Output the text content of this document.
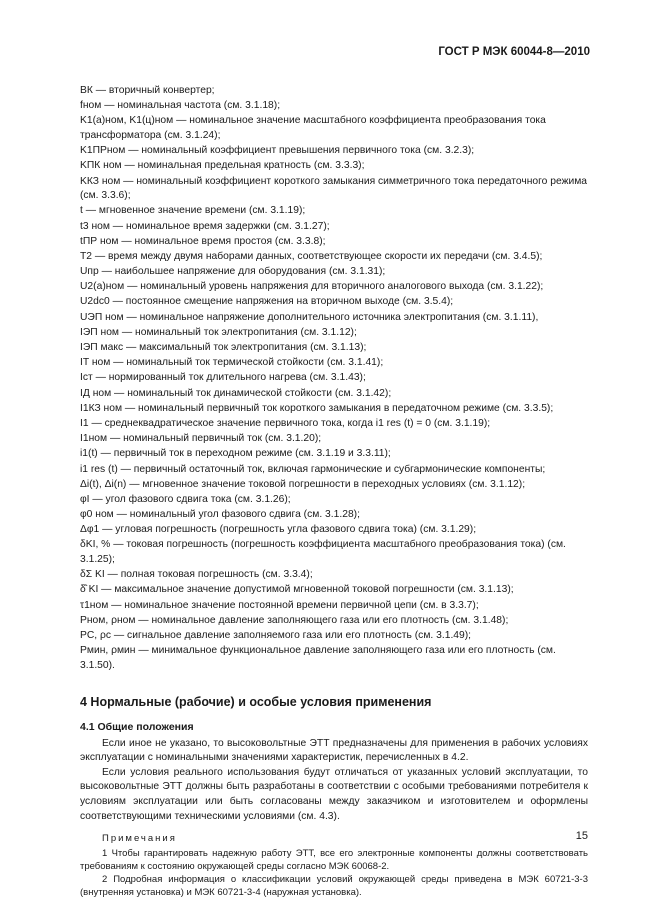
ГОСТ Р МЭК 60044-8—2010
ВК — вторичный конвертер;
fном — номинальная частота (см. 3.1.18);
K1(а)ном, K1(ц)ном — номинальное значение масштабного коэффициента преобразования тока трансформатора (см. 3.1.24);
K1ПРном — номинальный коэффициент превышения первичного тока (см. 3.2.3);
KПК ном — номинальная предельная кратность (см. 3.3.3);
KКЗ ном — номинальный коэффициент короткого замыкания симметричного тока передаточного режима (см. 3.3.6);
t — мгновенное значение времени (см. 3.1.19);
t3 ном — номинальное время задержки (см. 3.1.27);
tПР ном — номинальное время простоя (см. 3.3.8);
T2 — время между двумя наборами данных, соответствующее скорости их передачи (см. 3.4.5);
Uпр — наибольшее напряжение для оборудования (см. 3.1.31);
U2(а)ном — номинальный уровень напряжения для вторичного аналогового выхода (см. 3.1.22);
U2dc0 — постоянное смещение напряжения на вторичном выходе (см. 3.5.4);
UЭП ном — номинальное напряжение дополнительного источника электропитания (см. 3.1.11),
IЭП ном — номинальный ток электропитания (см. 3.1.12);
IЭП макс — максимальный ток электропитания (см. 3.1.13);
IT ном — номинальный ток термической стойкости (см. 3.1.41);
Icт — нормированный ток длительного нагрева (см. 3.1.43);
IД ном — номинальный ток динамической стойкости (см. 3.1.42);
I1КЗ ном — номинальный первичный ток короткого замыкания в передаточном режиме (см. 3.3.5);
I1 — среднеквадратическое значение первичного тока, когда i1 res (t) = 0 (см. 3.1.19);
I1ном — номинальный первичный ток (см. 3.1.20);
i1(t) — первичный ток в переходном режиме (см. 3.1.19 и 3.3.11);
i1 res (t) — первичный остаточный ток, включая гармонические и субгармонические компоненты;
Δi(t), Δi(n) — мгновенное значение токовой погрешности в переходных условиях (см. 3.1.12);
φI — угол фазового сдвига тока (см. 3.1.26);
φ0 ном — номинальный угол фазового сдвига (см. 3.1.28);
Δφ1 — угловая погрешность (погрешность угла фазового сдвига тока) (см. 3.1.29);
δKI, % — токовая погрешность (погрешность коэффициента масштабного преобразования тока) (см. 3.1.25);
δΣ KI — полная токовая погрешность (см. 3.3.4);
δ̂ KI — максимальное значение допустимой мгновенной токовой погрешности (см. 3.1.13);
τ1ном — номинальное значение постоянной времени первичной цепи (см. в 3.3.7);
Pном, ρном — номинальное давление заполняющего газа или его плотность (см. 3.1.48);
PC, ρc — сигнальное давление заполняемого газа или его плотность (см. 3.1.49);
Pмин, ρмин — минимальное функциональное давление заполняющего газа или его плотность (см. 3.1.50).
4 Нормальные (рабочие) и особые условия применения
4.1 Общие положения

Если иное не указано, то высоковольтные ЭТТ предназначены для применения в рабочих условиях эксплуатации с номинальными значениями характеристик, перечисленных в 4.2.

Если условия реального использования будут отличаться от указанных условий эксплуатации, то высоковольтные ЭТТ должны быть разработаны в соответствии с особыми требованиями потребителя к условиям эксплуатации или быть согласованы между заказчиком и изготовителем и оформлены соответствующими техническими условиями (см. 4.3).

Примечания

1 Чтобы гарантировать надежную работу ЭТТ, все его электронные компоненты должны соответствовать требованиям к состоянию окружающей среды согласно МЭК 60068-2.

2 Подробная информация о классификации условий окружающей среды приведена в МЭК 60721-3-3 (внутренняя установка) и МЭК 60721-3-4 (наружная установка).

15
